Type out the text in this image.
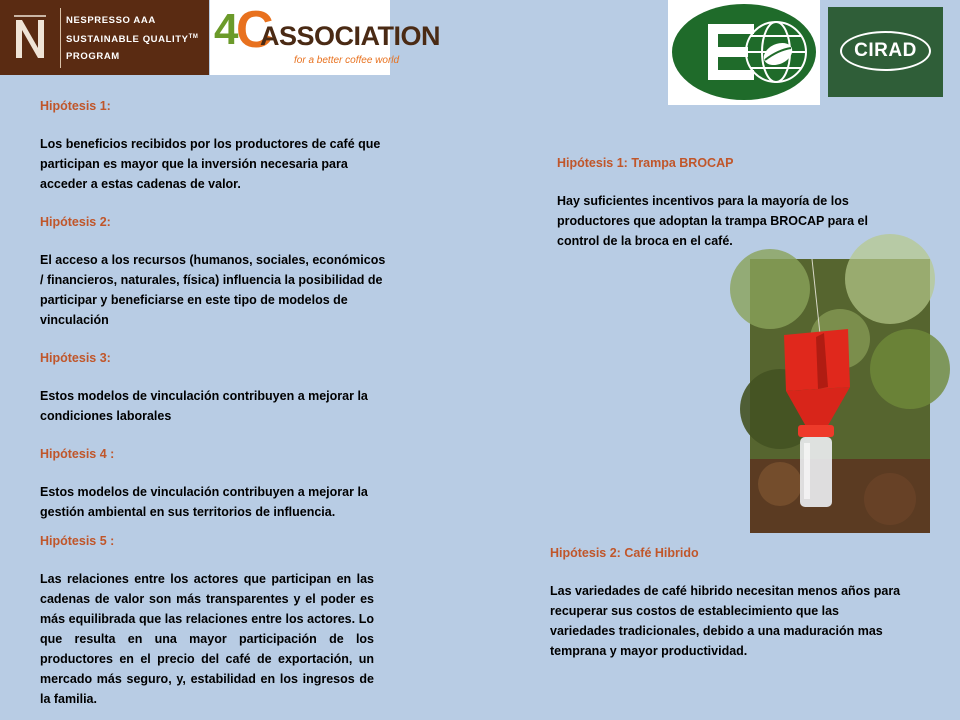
NESPRESSO AAA
SUSTAINABLE QUALITY™
PROGRAM
4
C
ASSOCIATION
for a better coffee world	CIRAD

Hipótesis 1:

Los beneficios recibidos por los productores de café que participan es mayor que la inversión necesaria para acceder a estas cadenas de valor.

Hipótesis 2:

El acceso a los recursos (humanos, sociales, económicos / financieros, naturales, física) influencia la posibilidad de participar y beneficiarse en este tipo de modelos de vinculación

Hipótesis 3:

Estos modelos de vinculación contribuyen a mejorar la condiciones laborales

Hipótesis 4 :

Estos modelos de vinculación contribuyen a mejorar la gestión ambiental en sus territorios de influencia.

Hipótesis 5 :

Las relaciones entre los actores que participan en las cadenas de valor son más transparentes y el poder es más equilibrada que las relaciones entre los actores. Lo que resulta en una mayor participación de los productores en el precio del café de exportación, un mercado más seguro, y, estabilidad en los ingresos de la familia.

Hipótesis 1: Trampa BROCAP

Hay suficientes incentivos para la mayoría de los productores que adoptan la trampa BROCAP para el control de la broca en el café.

Hipótesis 2: Café Hibrido

Las variedades de café hibrido necesitan menos años para recuperar sus costos de establecimiento que las variedades tradicionales, debido a una maduración mas temprana y mayor productividad.
